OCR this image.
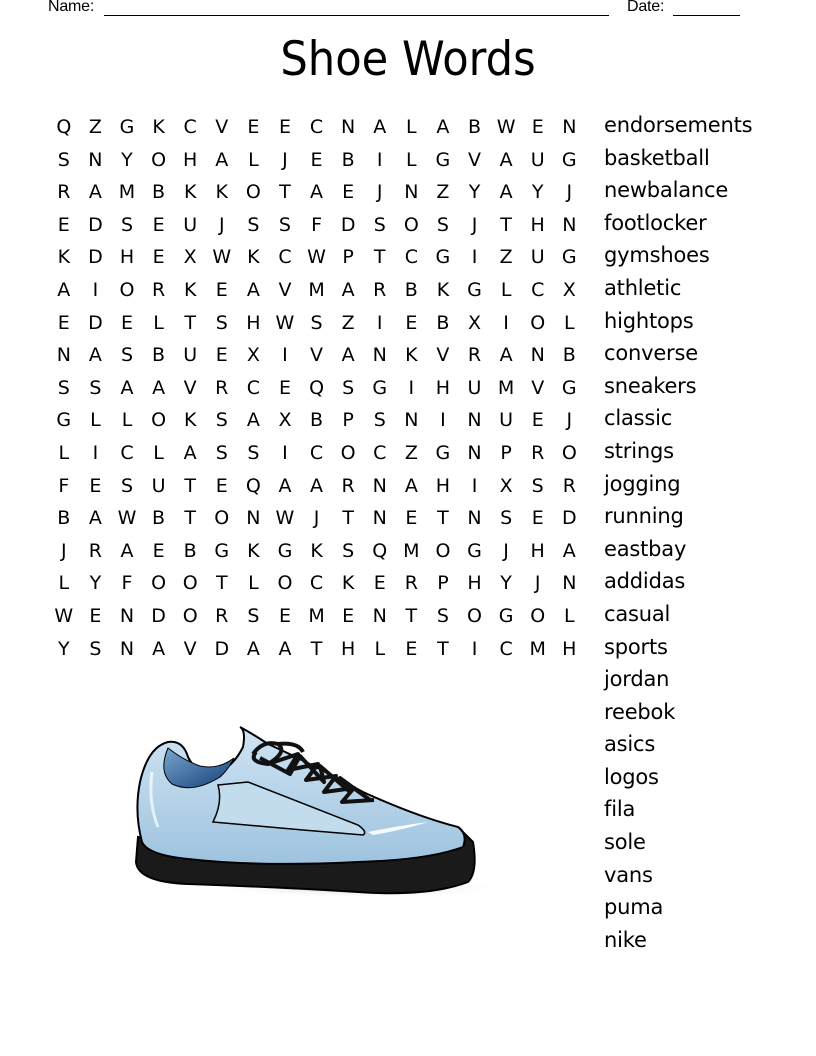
Name:	Date:
Shoe Words
Q Z G K C V	E	E C N A	L	A B W E N
S N Y O H A	L	J	E	B	I	L G V A U G
R A M B K	K O T	A	E	J	N Z	Y	A	Y	J
E D S	E U	J	S	S	F D S O S	J	T H N
K D H E	X W K C W P	T	C G	I	Z U G
A	I	O R K	E	A V M A R B K G L	C X
E D E	L	T	S H W S	Z	I	E	B X	I	O L
N A	S	B U E	X	I	V A N K V R A N B
S	S	A A V R C E Q S G	I	H U M V G
G L	L O K	S	A X B	P	S N	I	N U E	J
L	I	C	L	A	S	S	I	C O C Z G N P	R O
F	E	S U T	E Q A A R N A H	I	X	S R
B A W B	T O N W	J	T N E	T N S	E D
J	R A	E	B G K G K	S Q M O G	J	H A
L	Y	F O O T	L O C K	E R	P H Y	J	N
W E N D O R S	E M E N T	S O G O L
Y	S N A V D A A	T H	L	E	T	I	C M H
endorsements
basketball
newbalance
footlocker
gymshoes
athletic
hightops
converse
sneakers
classic
strings
jogging
running
eastbay
addidas
casual
sports
jordan
reebok
asics
logos
fila
sole
vans
puma
nike
